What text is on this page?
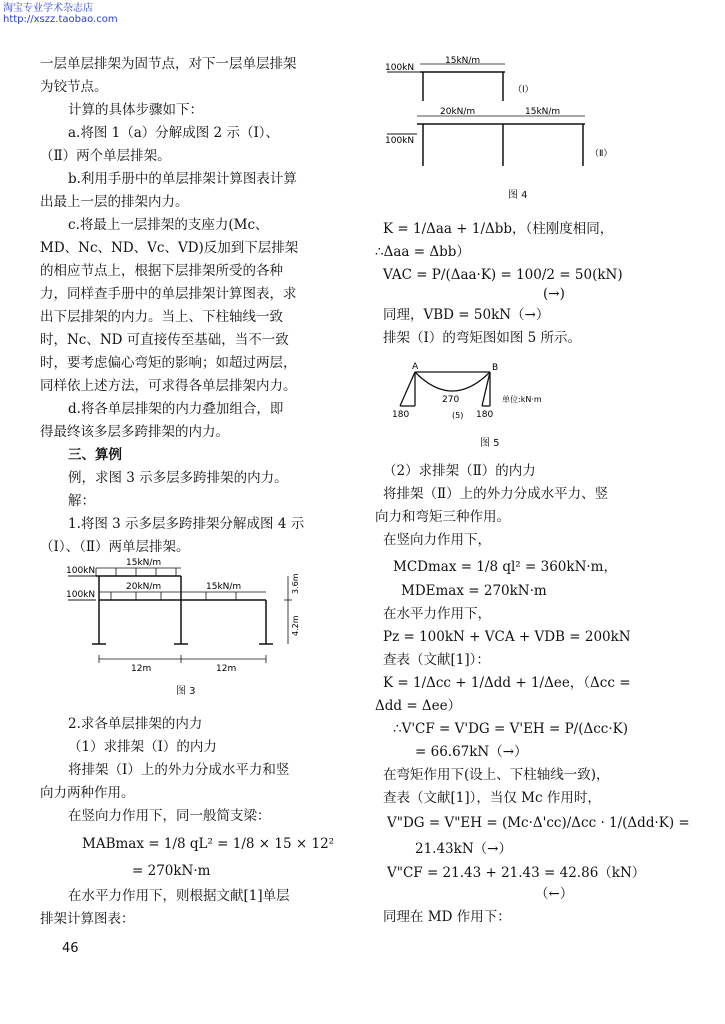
淘宝专业学术杂志店
http://xszz.taobao.com
一层单层排架为固节点，对下一层单层排架
为铰节点。
计算的具体步骤如下：
a.将图 1（a）分解成图 2 示（Ⅰ）、
（Ⅱ）两个单层排架。
b.利用手册中的单层排架计算图表计算
出最上一层的排架内力。
c.将最上一层排架的支座力(Mc、
MD、Nc、ND、Vc、VD)反加到下层排架
的相应节点上，根据下层排架所受的各种
力，同样查手册中的单层排架计算图表，求
出下层排架的内力。当上、下柱轴线一致
时，Nc、ND 可直接传至基础，当不一致
时，要考虑偏心弯矩的影响；如超过两层，
同样依上述方法，可求得各单层排架内力。
d.将各单层排架的内力叠加组合，即
得最终该多层多跨排架的内力。
三、算例
例，求图 3 示多层多跨排架的内力。
解：
1.将图 3 示多层多跨排架分解成图 4 示
（Ⅰ）、（Ⅱ）两单层排架。
2.求各单层排架的内力
（1）求排架（Ⅰ）的内力
将排架（Ⅰ）上的外力分成水平力和竖
向力两种作用。
在竖向力作用下，同一般简支梁：
MABmax = 1/8 qL² = 1/8 × 15 × 12²
= 270kN·m
在水平力作用下，则根据文献[1]单层
排架计算图表：
100kN
100kN
15kN/m
20kN/m	15kN/m
12m	12m
3.6m
4.2m
图 3
100kN
100kN
15kN/m
20kN/m	15kN/m
（Ⅰ）
（Ⅱ）
图 4
K = 1/Δaa + 1/Δbb，（柱刚度相同，
∴Δaa = Δbb）
VAC = P/(Δaa·K) = 100/2 = 50(kN)
(→)
同理，VBD = 50kN（→）
排架（Ⅰ）的弯矩图如图 5 所示。
A	B
180
270
180
单位:kN·m
(5)
图 5
（2）求排架（Ⅱ）的内力
将排架（Ⅱ）上的外力分成水平力、竖
向力和弯矩三种作用。
在竖向力作用下，
MCDmax = 1/8 ql² = 360kN·m，
MDEmax = 270kN·m
在水平力作用下，
Pz = 100kN + VCA + VDB = 200kN
查表（文献[1]）：
K = 1/Δcc + 1/Δdd + 1/Δee，（Δcc =
Δdd = Δee）
∴V'CF = V'DG = V'EH = P/(Δcc·K)
= 66.67kN（→）
在弯矩作用下(设上、下柱轴线一致)，
查表（文献[1]），当仅 Mc 作用时，
V"DG = V"EH = (Mc·Δ'cc)/Δcc · 1/(Δdd·K) =
21.43kN（→）
V"CF = 21.43 + 21.43 = 42.86（kN）
（←）
同理在 MD 作用下：
46
